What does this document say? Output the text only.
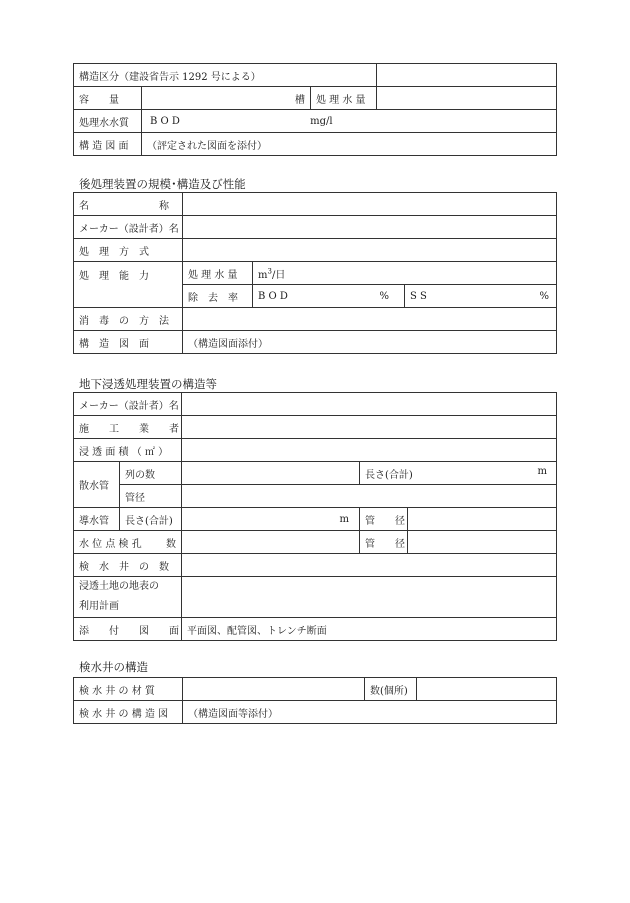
構造区分（建設省告示 1292 号による）			
容　　量	槽	処 理 水 量	
処理水水質	B O D mg/l		
構 造 図 面	（評定された図面を添付）		
後処理装置の規模･構造及び性能
名　　　　　　　称			
メーカー（設計者）名			
処　理　方　式			
処　理　能　力	処 理 水 量	$m^3/$日	
	除　去　率	B O D %	S S %

消　毒　の　方　法			
構　造　図　面	（構造図面添付）		
地下浸透処理装置の構造等
メーカー（設計者）名				
施　　工　　業　　者				
浸 透 面 積 （ ㎡ ）				
散水管	列の数		長さ(合計) m	

	管径			
導水管	長さ(合計)	m	管　　径	

水 位 点 検 孔 数			管　　径	
検　水　井　の　数				

浸透土地の地表の
利用計画				

添　　付　　図　　面		平面図、配管図、トレンチ断面		
検水井の構造
検 水 井 の 材 質		数(個所)	
検 水 井 の 構 造 図	（構造図面等添付）		
